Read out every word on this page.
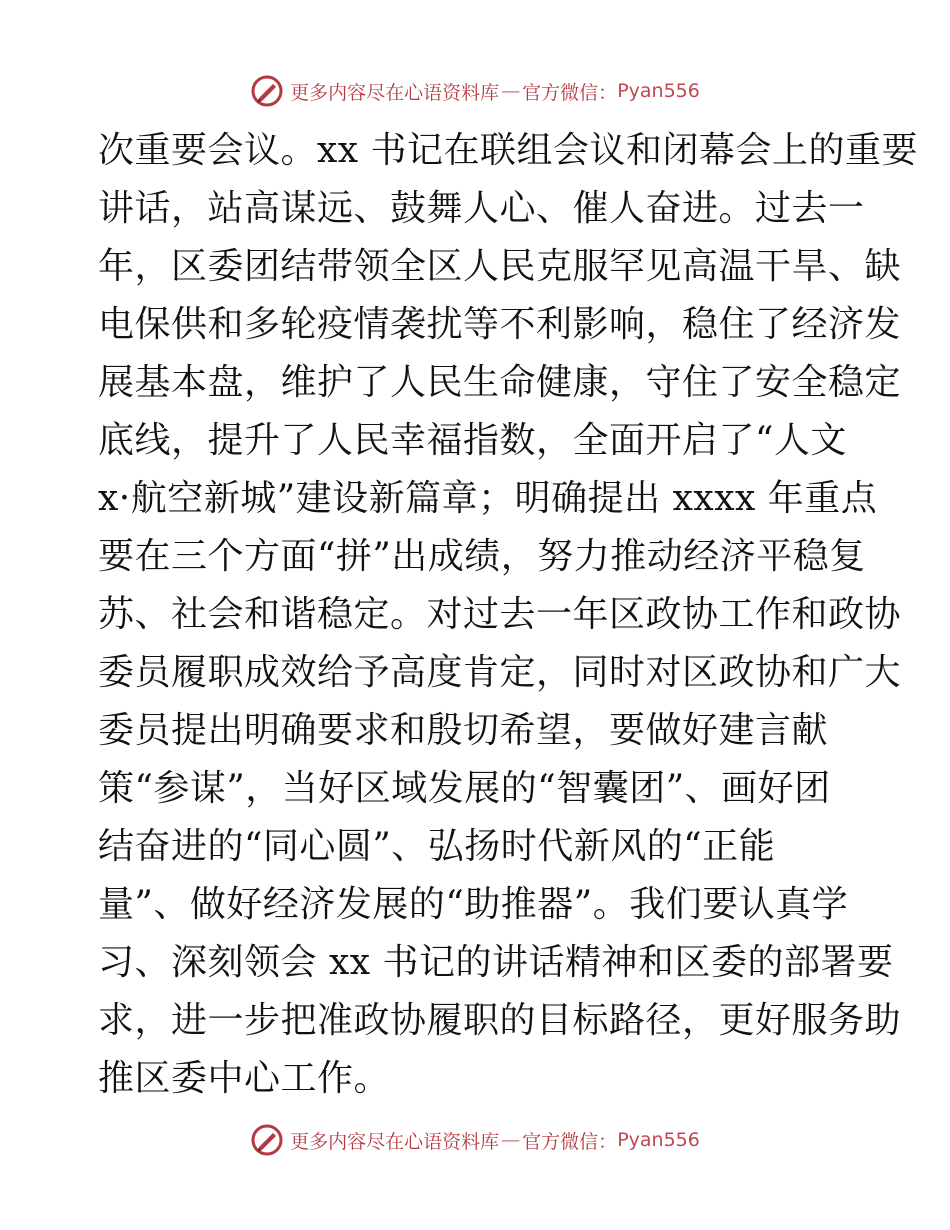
更多内容尽在心语资料库 — 官方微信： Pyan556
次重要会议。xx 书记在联组会议和闭幕会上的重要
讲话，站高谋远、鼓舞人心、催人奋进。过去一
年，区委团结带领全区人民克服罕见高温干旱、缺
电保供和多轮疫情袭扰等不利影响，稳住了经济发
展基本盘，维护了人民生命健康，守住了安全稳定
底线，提升了人民幸福指数，全面开启了“人文
x·航空新城”建设新篇章；明确提出 xxxx 年重点
要在三个方面“拼”出成绩，努力推动经济平稳复
苏、社会和谐稳定。对过去一年区政协工作和政协
委员履职成效给予高度肯定，同时对区政协和广大
委员提出明确要求和殷切希望，要做好建言献
策“参谋”，当好区域发展的“智囊团”、画好团
结奋进的“同心圆”、弘扬时代新风的“正能
量”、做好经济发展的“助推器”。我们要认真学
习、深刻领会 xx 书记的讲话精神和区委的部署要
求，进一步把准政协履职的目标路径，更好服务助
推区委中心工作。
更多内容尽在心语资料库 — 官方微信： Pyan556
